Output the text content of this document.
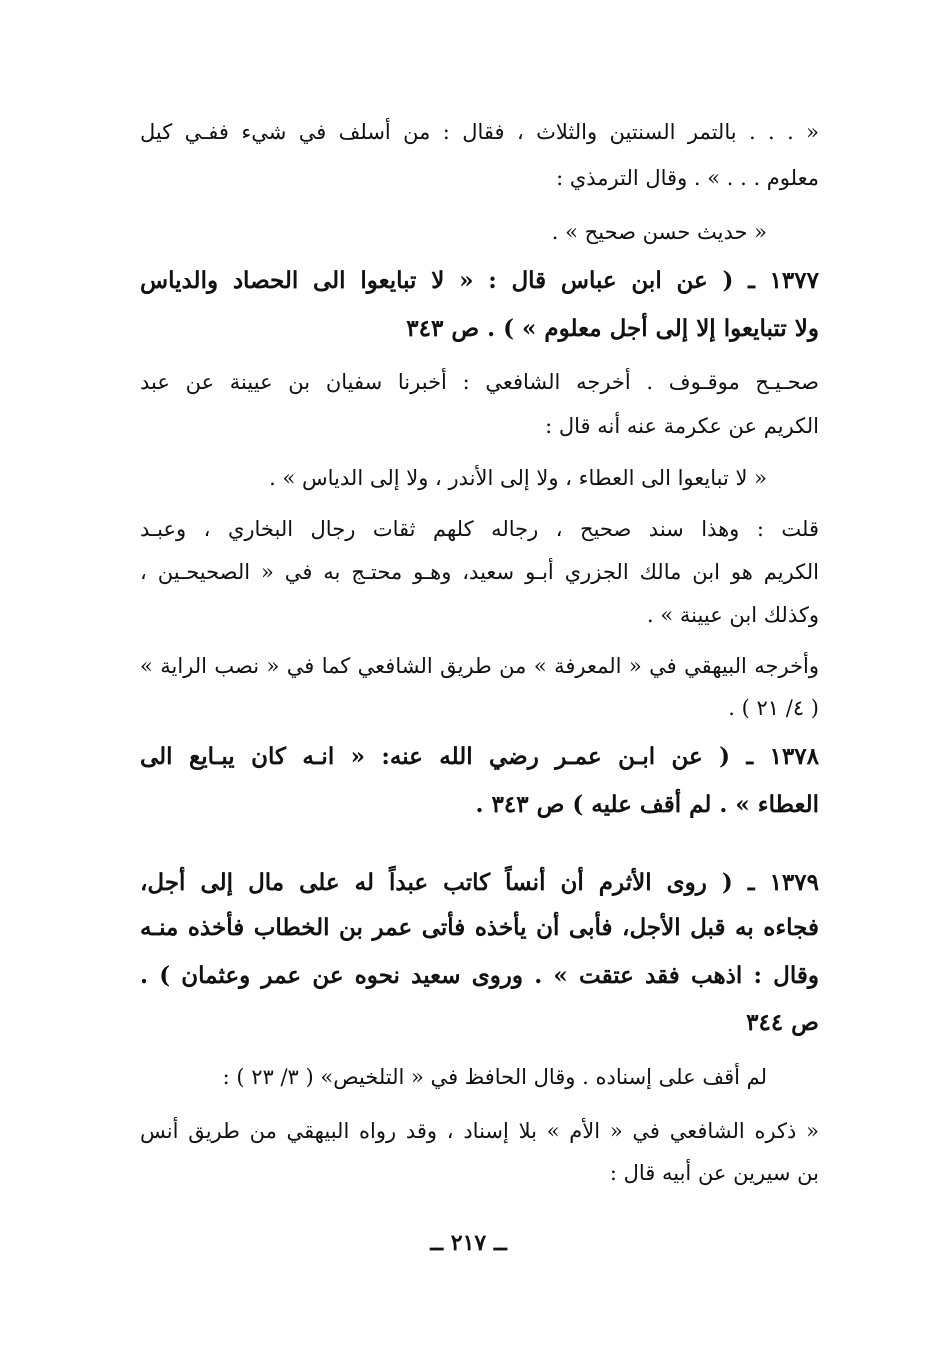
« . . . بالتمر السنتين والثلاث ، فقال : من أسلف في شيء ففـي كيل
معلوم . . . » . وقال الترمذي :
« حديث حسن صحيح » .
١٣٧٧ ـ ( عن ابن عباس قال : « لا تبايعوا الى الحصاد والدياس
ولا تتبايعوا إلا إلى أجل معلوم » ) . ص ٣٤٣
صحـيـح موقـوف . أخرجه الشافعي : أخبرنا سفيان بن عيينة عن عبد
الكريم عن عكرمة عنه أنه قال :
« لا تبايعوا الى العطاء ، ولا إلى الأندر ، ولا إلى الدياس » .
قلت : وهذا سند صحيح ، رجاله كلهم ثقات رجال البخاري ، وعبـد
الكريم هو ابن مالك الجزري أبـو سعيد، وهـو محتـج به في « الصحيحـين ،
وكذلك ابن عيينة » .
وأخرجه البيهقي في « المعرفة » من طريق الشافعي كما في « نصب الراية »
( ٤/ ٢١ ) .
١٣٧٨ ـ ( عن ابـن عمـر رضي الله عنه: « انـه كان يبـايع الى
العطاء » . لم أقف عليه ) ص ٣٤٣ .
١٣٧٩ ـ ( روى الأثرم أن أنساً كاتب عبداً له على مال إلى أجل،
فجاءه به قبل الأجل، فأبى أن يأخذه فأتى عمر بن الخطاب فأخذه منـه
وقال : اذهب فقد عتقت » . وروى سعيد نحوه عن عمر وعثمان ) .
ص ٣٤٤
لم أقف على إسناده . وقال الحافظ في « التلخيص» ( ٣/ ٢٣ ) :
« ذكره الشافعي في « الأم » بلا إسناد ، وقد رواه البيهقي من طريق أنس
بن سيرين عن أبيه قال :
ــ ٢١٧ ــ
